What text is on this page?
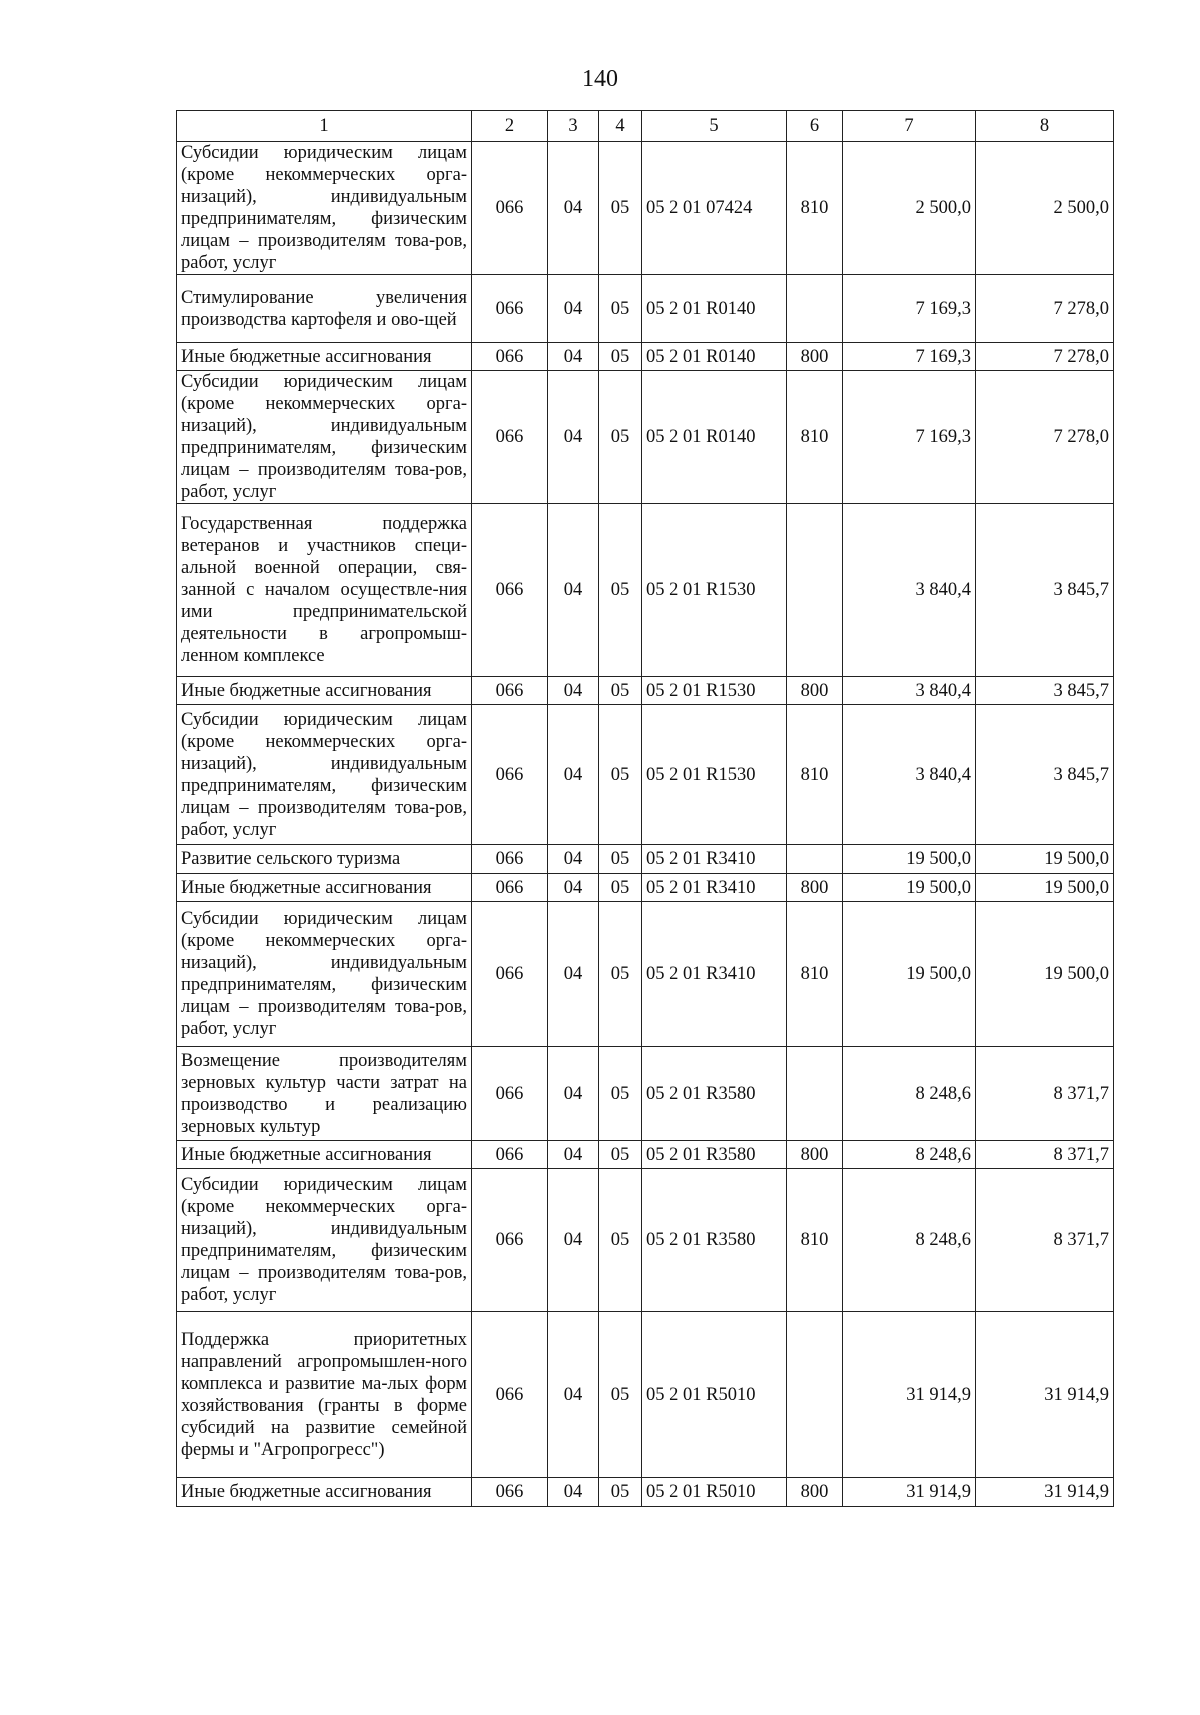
140
1	2	3	4	5	6	7	8
Субсидии юридическим лицам (кроме некоммерческих орга-низаций), индивидуальным предпринимателям, физическим лицам – производителям това-ров, работ, услуг	066	04	05	05 2 01 07424	810	2 500,0	2 500,0
Стимулирование увеличения производства картофеля и ово-щей	066	04	05	05 2 01 R0140		7 169,3	7 278,0
Иные бюджетные ассигнования	066	04	05	05 2 01 R0140	800	7 169,3	7 278,0
Субсидии юридическим лицам (кроме некоммерческих орга-низаций), индивидуальным предпринимателям, физическим лицам – производителям това-ров, работ, услуг	066	04	05	05 2 01 R0140	810	7 169,3	7 278,0
Государственная поддержка ветеранов и участников специ-альной военной операции, свя-занной с началом осуществле-ния ими предпринимательской деятельности в агропромыш-ленном комплексе	066	04	05	05 2 01 R1530		3 840,4	3 845,7
Иные бюджетные ассигнования	066	04	05	05 2 01 R1530	800	3 840,4	3 845,7
Субсидии юридическим лицам (кроме некоммерческих орга-низаций), индивидуальным предпринимателям, физическим лицам – производителям това-ров, работ, услуг	066	04	05	05 2 01 R1530	810	3 840,4	3 845,7
Развитие сельского туризма	066	04	05	05 2 01 R3410		19 500,0	19 500,0
Иные бюджетные ассигнования	066	04	05	05 2 01 R3410	800	19 500,0	19 500,0
Субсидии юридическим лицам (кроме некоммерческих орга-низаций), индивидуальным предпринимателям, физическим лицам – производителям това-ров, работ, услуг	066	04	05	05 2 01 R3410	810	19 500,0	19 500,0
Возмещение производителям зерновых культур части затрат на производство и реализацию зерновых культур	066	04	05	05 2 01 R3580		8 248,6	8 371,7
Иные бюджетные ассигнования	066	04	05	05 2 01 R3580	800	8 248,6	8 371,7
Субсидии юридическим лицам (кроме некоммерческих орга-низаций), индивидуальным предпринимателям, физическим лицам – производителям това-ров, работ, услуг	066	04	05	05 2 01 R3580	810	8 248,6	8 371,7
Поддержка приоритетных направлений агропромышлен-ного комплекса и развитие ма-лых форм хозяйствования (гранты в форме субсидий на развитие семейной фермы и "Агропрогресс")	066	04	05	05 2 01 R5010		31 914,9	31 914,9
Иные бюджетные ассигнования	066	04	05	05 2 01 R5010	800	31 914,9	31 914,9
